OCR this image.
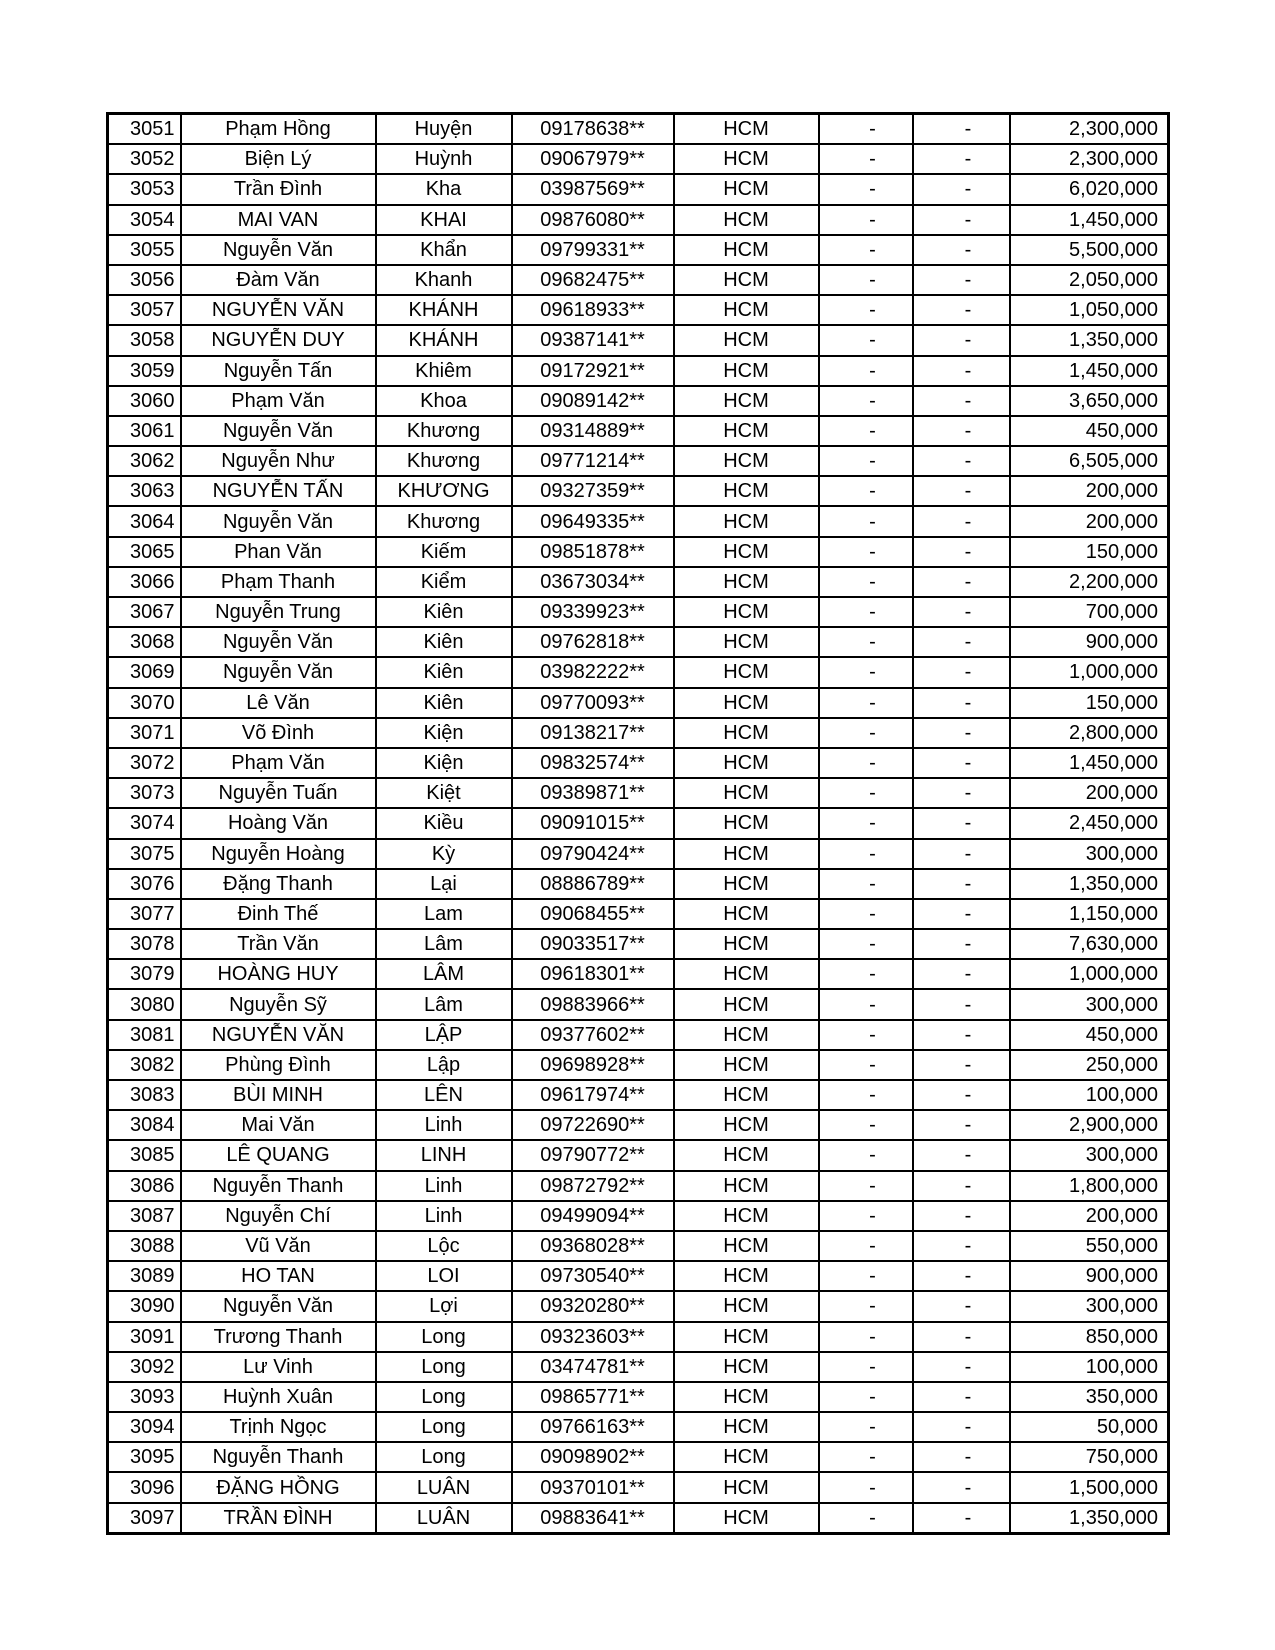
3051	Phạm Hồng	Huyện	09178638**	HCM	-	-	2,300,000
3052	Biện Lý	Huỳnh	09067979**	HCM	-	-	2,300,000
3053	Trần Đình	Kha	03987569**	HCM	-	-	6,020,000
3054	MAI VAN	KHAI	09876080**	HCM	-	-	1,450,000
3055	Nguyễn Văn	Khẩn	09799331**	HCM	-	-	5,500,000
3056	Đàm Văn	Khanh	09682475**	HCM	-	-	2,050,000
3057	NGUYỄN VĂN	KHÁNH	09618933**	HCM	-	-	1,050,000
3058	NGUYỄN DUY	KHÁNH	09387141**	HCM	-	-	1,350,000
3059	Nguyễn Tấn	Khiêm	09172921**	HCM	-	-	1,450,000
3060	Phạm Văn	Khoa	09089142**	HCM	-	-	3,650,000
3061	Nguyễn Văn	Khương	09314889**	HCM	-	-	450,000
3062	Nguyễn Như	Khương	09771214**	HCM	-	-	6,505,000
3063	NGUYỄN TẤN	KHƯƠNG	09327359**	HCM	-	-	200,000
3064	Nguyễn Văn	Khương	09649335**	HCM	-	-	200,000
3065	Phan Văn	Kiếm	09851878**	HCM	-	-	150,000
3066	Phạm Thanh	Kiểm	03673034**	HCM	-	-	2,200,000
3067	Nguyễn Trung	Kiên	09339923**	HCM	-	-	700,000
3068	Nguyễn Văn	Kiên	09762818**	HCM	-	-	900,000
3069	Nguyễn Văn	Kiên	03982222**	HCM	-	-	1,000,000
3070	Lê Văn	Kiên	09770093**	HCM	-	-	150,000
3071	Võ Đình	Kiện	09138217**	HCM	-	-	2,800,000
3072	Phạm Văn	Kiện	09832574**	HCM	-	-	1,450,000
3073	Nguyễn Tuấn	Kiệt	09389871**	HCM	-	-	200,000
3074	Hoàng Văn	Kiều	09091015**	HCM	-	-	2,450,000
3075	Nguyễn Hoàng	Kỳ	09790424**	HCM	-	-	300,000
3076	Đặng Thanh	Lại	08886789**	HCM	-	-	1,350,000
3077	Đinh Thế	Lam	09068455**	HCM	-	-	1,150,000
3078	Trần Văn	Lâm	09033517**	HCM	-	-	7,630,000
3079	HOÀNG HUY	LÂM	09618301**	HCM	-	-	1,000,000
3080	Nguyễn Sỹ	Lâm	09883966**	HCM	-	-	300,000
3081	NGUYỄN VĂN	LẬP	09377602**	HCM	-	-	450,000
3082	Phùng Đình	Lập	09698928**	HCM	-	-	250,000
3083	BÙI MINH	LÊN	09617974**	HCM	-	-	100,000
3084	Mai Văn	Linh	09722690**	HCM	-	-	2,900,000
3085	LÊ QUANG	LINH	09790772**	HCM	-	-	300,000
3086	Nguyễn Thanh	Linh	09872792**	HCM	-	-	1,800,000
3087	Nguyễn Chí	Linh	09499094**	HCM	-	-	200,000
3088	Vũ Văn	Lộc	09368028**	HCM	-	-	550,000
3089	HO TAN	LOI	09730540**	HCM	-	-	900,000
3090	Nguyễn Văn	Lợi	09320280**	HCM	-	-	300,000
3091	Trương Thanh	Long	09323603**	HCM	-	-	850,000
3092	Lư Vinh	Long	03474781**	HCM	-	-	100,000
3093	Huỳnh Xuân	Long	09865771**	HCM	-	-	350,000
3094	Trịnh Ngọc	Long	09766163**	HCM	-	-	50,000
3095	Nguyễn Thanh	Long	09098902**	HCM	-	-	750,000
3096	ĐẶNG HỒNG	LUÂN	09370101**	HCM	-	-	1,500,000
3097	TRẦN ĐÌNH	LUÂN	09883641**	HCM	-	-	1,350,000
